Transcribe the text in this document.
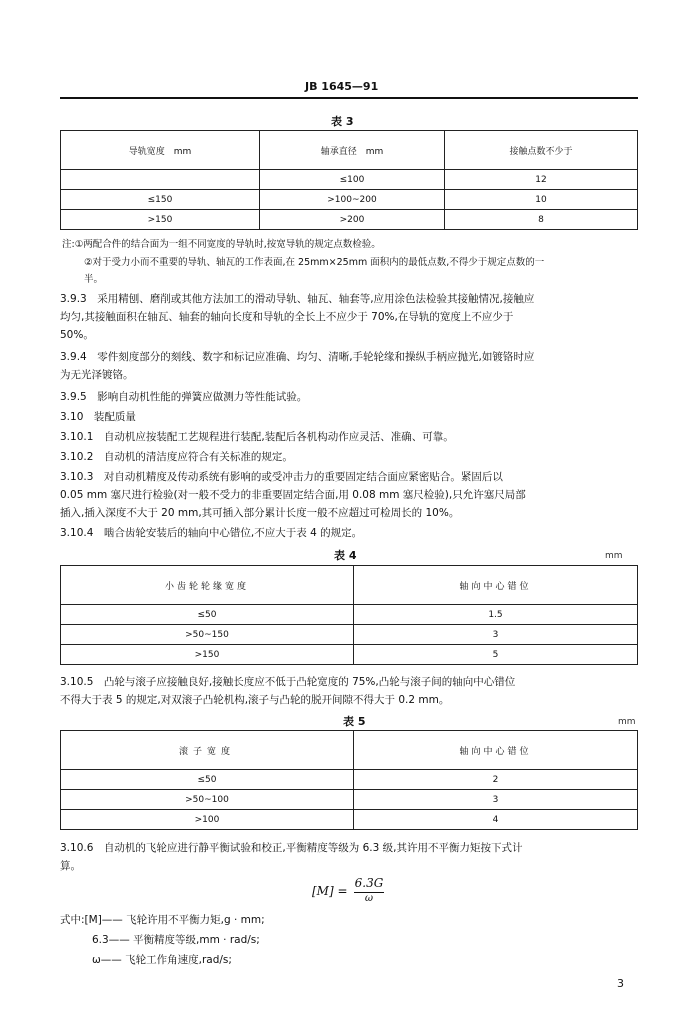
JB 1645—91
表 3
导轨宽度　mm	轴承直径　mm	接触点数不少于
	≤100	12
≤150	>100~200	10
>150	>200	8
注:①两配合件的结合面为一组不同宽度的导轨时,按宽导轨的规定点数检验。
②对于受力小而不重要的导轨、轴瓦的工作表面,在 25mm×25mm 面积内的最低点数,不得少于规定点数的一
半。
3.9.3　采用精刨、磨削或其他方法加工的滑动导轨、轴瓦、轴套等,应用涂色法检验其接触情况,接触应
均匀,其接触面积在轴瓦、轴套的轴向长度和导轨的全长上不应少于 70%,在导轨的宽度上不应少于
50%。
3.9.4　零件刻度部分的刻线、数字和标记应准确、均匀、清晰,手轮轮缘和操纵手柄应抛光,如镀铬时应
为无光泽镀铬。
3.9.5　影响自动机性能的弹簧应做测力等性能试验。
3.10　装配质量
3.10.1　自动机应按装配工艺规程进行装配,装配后各机构动作应灵活、准确、可靠。
3.10.2　自动机的清洁度应符合有关标准的规定。
3.10.3　对自动机精度及传动系统有影响的或受冲击力的重要固定结合面应紧密贴合。紧固后以
0.05 mm 塞尺进行检验(对一般不受力的非重要固定结合面,用 0.08 mm 塞尺检验),只允许塞尺局部
插入,插入深度不大于 20 mm,其可插入部分累计长度一般不应超过可检周长的 10%。
3.10.4　啮合齿轮安装后的轴向中心错位,不应大于表 4 的规定。
表 4	mm
小齿轮轮缘宽度	轴向中心错位
≤50	1.5
>50~150	3
>150	5
3.10.5　凸轮与滚子应接触良好,接触长度应不低于凸轮宽度的 75%,凸轮与滚子间的轴向中心错位
不得大于表 5 的规定,对双滚子凸轮机构,滚子与凸轮的脱开间隙不得大于 0.2 mm。
表 5	mm
滚子宽度	轴向中心错位
≤50	2
>50~100	3
>100	4
3.10.6　自动机的飞轮应进行静平衡试验和校正,平衡精度等级为 6.3 级,其许用不平衡力矩按下式计
算。
[M] =
6.3G
ω
式中:[M]—— 飞轮许用不平衡力矩,g · mm;
6.3—— 平衡精度等级,mm · rad/s;
ω—— 飞轮工作角速度,rad/s;
3
